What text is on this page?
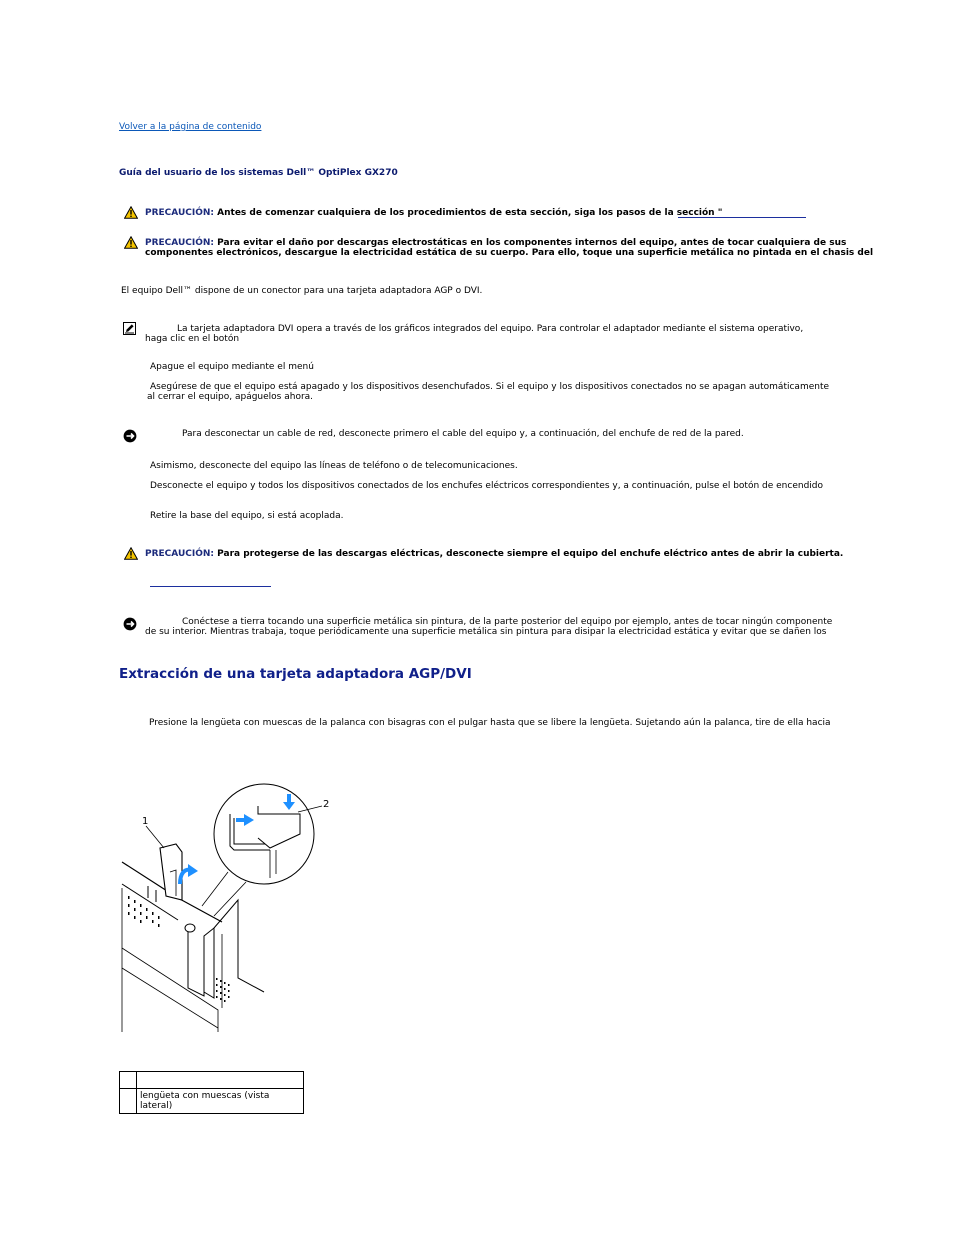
Volver a la página de contenido
Guía del usuario de los sistemas Dell™ OptiPlex GX270
PRECAUCIÓN: Antes de comenzar cualquiera de los procedimientos de esta sección, siga los pasos de la sección "
PRECAUCIÓN: Para evitar el daño por descargas electrostáticas en los componentes internos del equipo, antes de tocar cualquiera de sus
componentes electrónicos, descargue la electricidad estática de su cuerpo. Para ello, toque una superficie metálica no pintada en el chasis del
El equipo Dell™ dispone de un conector para una tarjeta adaptadora AGP o DVI.
La tarjeta adaptadora DVI opera a través de los gráficos integrados del equipo. Para controlar el adaptador mediante el sistema operativo,
haga clic en el botón
Apague el equipo mediante el menú
Asegúrese de que el equipo está apagado y los dispositivos desenchufados. Si el equipo y los dispositivos conectados no se apagan automáticamente
al cerrar el equipo, apáguelos ahora.
Para desconectar un cable de red, desconecte primero el cable del equipo y, a continuación, del enchufe de red de la pared.
Asimismo, desconecte del equipo las líneas de teléfono o de telecomunicaciones.
Desconecte el equipo y todos los dispositivos conectados de los enchufes eléctricos correspondientes y, a continuación, pulse el botón de encendido
Retire la base del equipo, si está acoplada.
PRECAUCIÓN: Para protegerse de las descargas eléctricas, desconecte siempre el equipo del enchufe eléctrico antes de abrir la cubierta.
Conéctese a tierra tocando una superficie metálica sin pintura, de la parte posterior del equipo por ejemplo, antes de tocar ningún componente
de su interior. Mientras trabaja, toque periódicamente una superficie metálica sin pintura para disipar la electricidad estática y evitar que se dañen los
Extracción de una tarjeta adaptadora AGP/DVI
Presione la lengüeta con muescas de la palanca con bisagras con el pulgar hasta que se libere la lengüeta. Sujetando aún la palanca, tire de ella hacia
1
2

	lengüeta con muescas (vista lateral)
